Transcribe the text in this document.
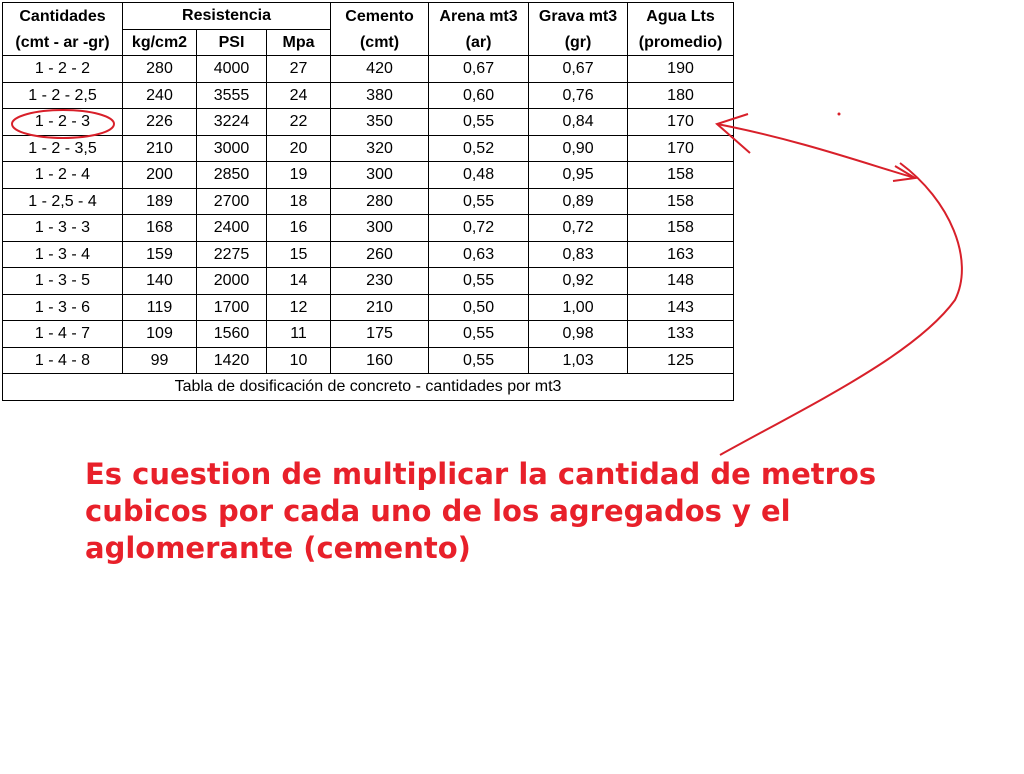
Cantidades	Resistencia			Cemento	Arena mt3	Grava mt3	Agua Lts
(cmt - ar -gr)	kg/cm2	PSI	Mpa	(cmt)	(ar)	(gr)	(promedio)
1 - 2 - 2	280	4000	27	420	0,67	0,67	190
1 - 2 - 2,5	240	3555	24	380	0,60	0,76	180
1 - 2 - 3	226	3224	22	350	0,55	0,84	170
1 - 2 - 3,5	210	3000	20	320	0,52	0,90	170
1 - 2 - 4	200	2850	19	300	0,48	0,95	158
1 - 2,5 - 4	189	2700	18	280	0,55	0,89	158
1 - 3 - 3	168	2400	16	300	0,72	0,72	158
1 - 3 - 4	159	2275	15	260	0,63	0,83	163
1 - 3 - 5	140	2000	14	230	0,55	0,92	148
1 - 3 - 6	119	1700	12	210	0,50	1,00	143
1 - 4 - 7	109	1560	11	175	0,55	0,98	133
1 - 4 - 8	99	1420	10	160	0,55	1,03	125
Tabla de dosificación de concreto - cantidades por mt3							

Es cuestion de multiplicar la cantidad de metros cubicos por cada uno de los agregados y el aglomerante (cemento)
